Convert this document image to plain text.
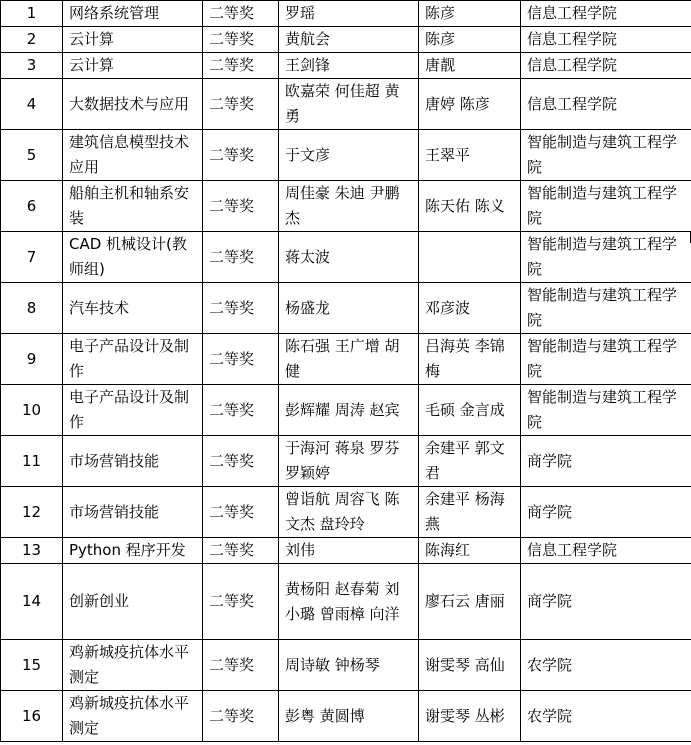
1	网络系统管理	二等奖	罗瑶	陈彦	信息工程学院
2	云计算	二等奖	黄航会	陈彦	信息工程学院
3	云计算	二等奖	王剑锋	唐靓	信息工程学院
4	大数据技术与应用	二等奖	欧嘉荣 何佳超 黄勇	唐婷 陈彦	信息工程学院
5	建筑信息模型技术应用	二等奖	于文彦	王翠平	智能制造与建筑工程学院
6	船舶主机和轴系安装	二等奖	周佳豪 朱迪 尹鹏杰	陈天佑 陈义	智能制造与建筑工程学院
7	CAD 机械设计(教师组)	二等奖	蒋太波		智能制造与建筑工程学院
8	汽车技术	二等奖	杨盛龙	邓彦波	智能制造与建筑工程学院
9	电子产品设计及制作	二等奖	陈石强 王广增 胡健	吕海英 李锦梅	智能制造与建筑工程学院
10	电子产品设计及制作	二等奖	彭辉耀 周涛 赵宾	毛硕 金言成	智能制造与建筑工程学院
11	市场营销技能	二等奖	于海河 蒋泉 罗芬 罗颖婷	余建平 郭文君	商学院
12	市场营销技能	二等奖	曾诣航 周容飞 陈文杰 盘玲玲	余建平 杨海燕	商学院
13	Python 程序开发	二等奖	刘伟	陈海红	信息工程学院
14	创新创业	二等奖	黄杨阳 赵春菊 刘小璐 曾雨樟 向洋	廖石云 唐丽	商学院
15	鸡新城疫抗体水平测定	二等奖	周诗敏 钟杨琴	谢雯琴 高仙	农学院
16	鸡新城疫抗体水平测定	二等奖	彭粤 黄圆博	谢雯琴 丛彬	农学院
